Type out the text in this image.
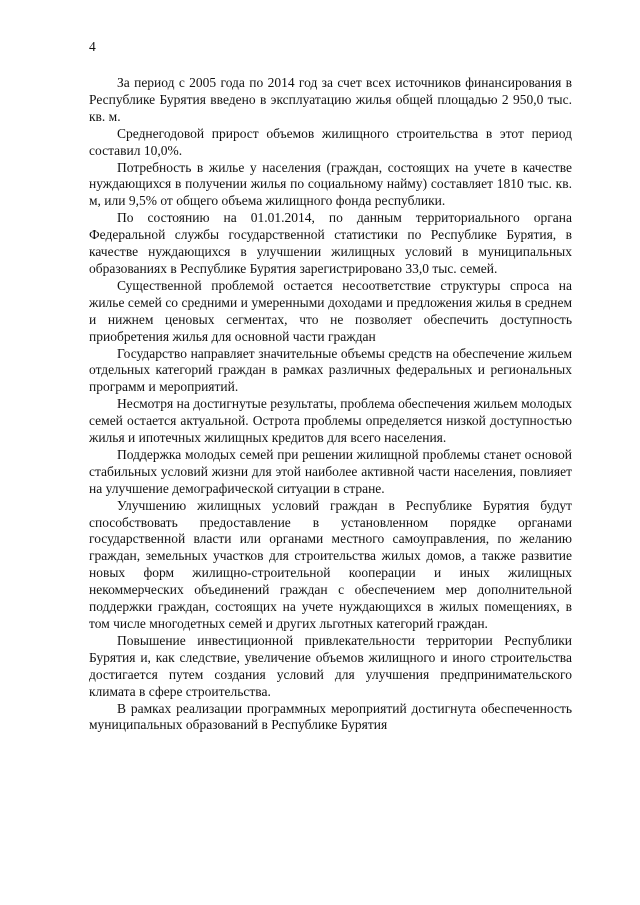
4

За период с 2005 года по 2014 год за счет всех источников финансирования в Республике Бурятия введено в эксплуатацию жилья общей площадью 2 950,0 тыс. кв. м.

Среднегодовой прирост объемов жилищного строительства в этот период составил 10,0%.

Потребность в жилье у населения (граждан, состоящих на учете в качестве нуждающихся в получении жилья по социальному найму) составляет 1810 тыс. кв. м, или 9,5% от общего объема жилищного фонда республики.

По состоянию на 01.01.2014, по данным территориального органа Федеральной службы государственной статистики по Республике Бурятия, в качестве нуждающихся в улучшении жилищных условий в муниципальных образованиях в Республике Бурятия зарегистрировано 33,0 тыс. семей.

Существенной проблемой остается несоответствие структуры спроса на жилье семей со средними и умеренными доходами и предложения жилья в среднем и нижнем ценовых сегментах, что не позволяет обеспечить доступность приобретения жилья для основной части граждан

Государство направляет значительные объемы средств на обеспечение жильем отдельных категорий граждан в рамках различных федеральных и региональных программ и мероприятий.

Несмотря на достигнутые результаты, проблема обеспечения жильем молодых семей остается актуальной. Острота проблемы определяется низкой доступностью жилья и ипотечных жилищных кредитов для всего населения.

Поддержка молодых семей при решении жилищной проблемы станет основой стабильных условий жизни для этой наиболее активной части населения, повлияет на улучшение демографической ситуации в стране.

Улучшению жилищных условий граждан в Республике Бурятия будут способствовать предоставление в установленном порядке органами государственной власти или органами местного самоуправления, по желанию граждан, земельных участков для строительства жилых домов, а также развитие новых форм жилищно-строительной кооперации и иных жилищных некоммерческих объединений граждан с обеспечением мер дополнительной поддержки граждан, состоящих на учете нуждающихся в жилых помещениях, в том числе многодетных семей и других льготных категорий граждан.

Повышение инвестиционной привлекательности территории Республики Бурятия и, как следствие, увеличение объемов жилищного и иного строительства достигается путем создания условий для улучшения предпринимательского климата в сфере строительства.

В рамках реализации программных мероприятий достигнута обеспеченность муниципальных образований в Республике Бурятия
